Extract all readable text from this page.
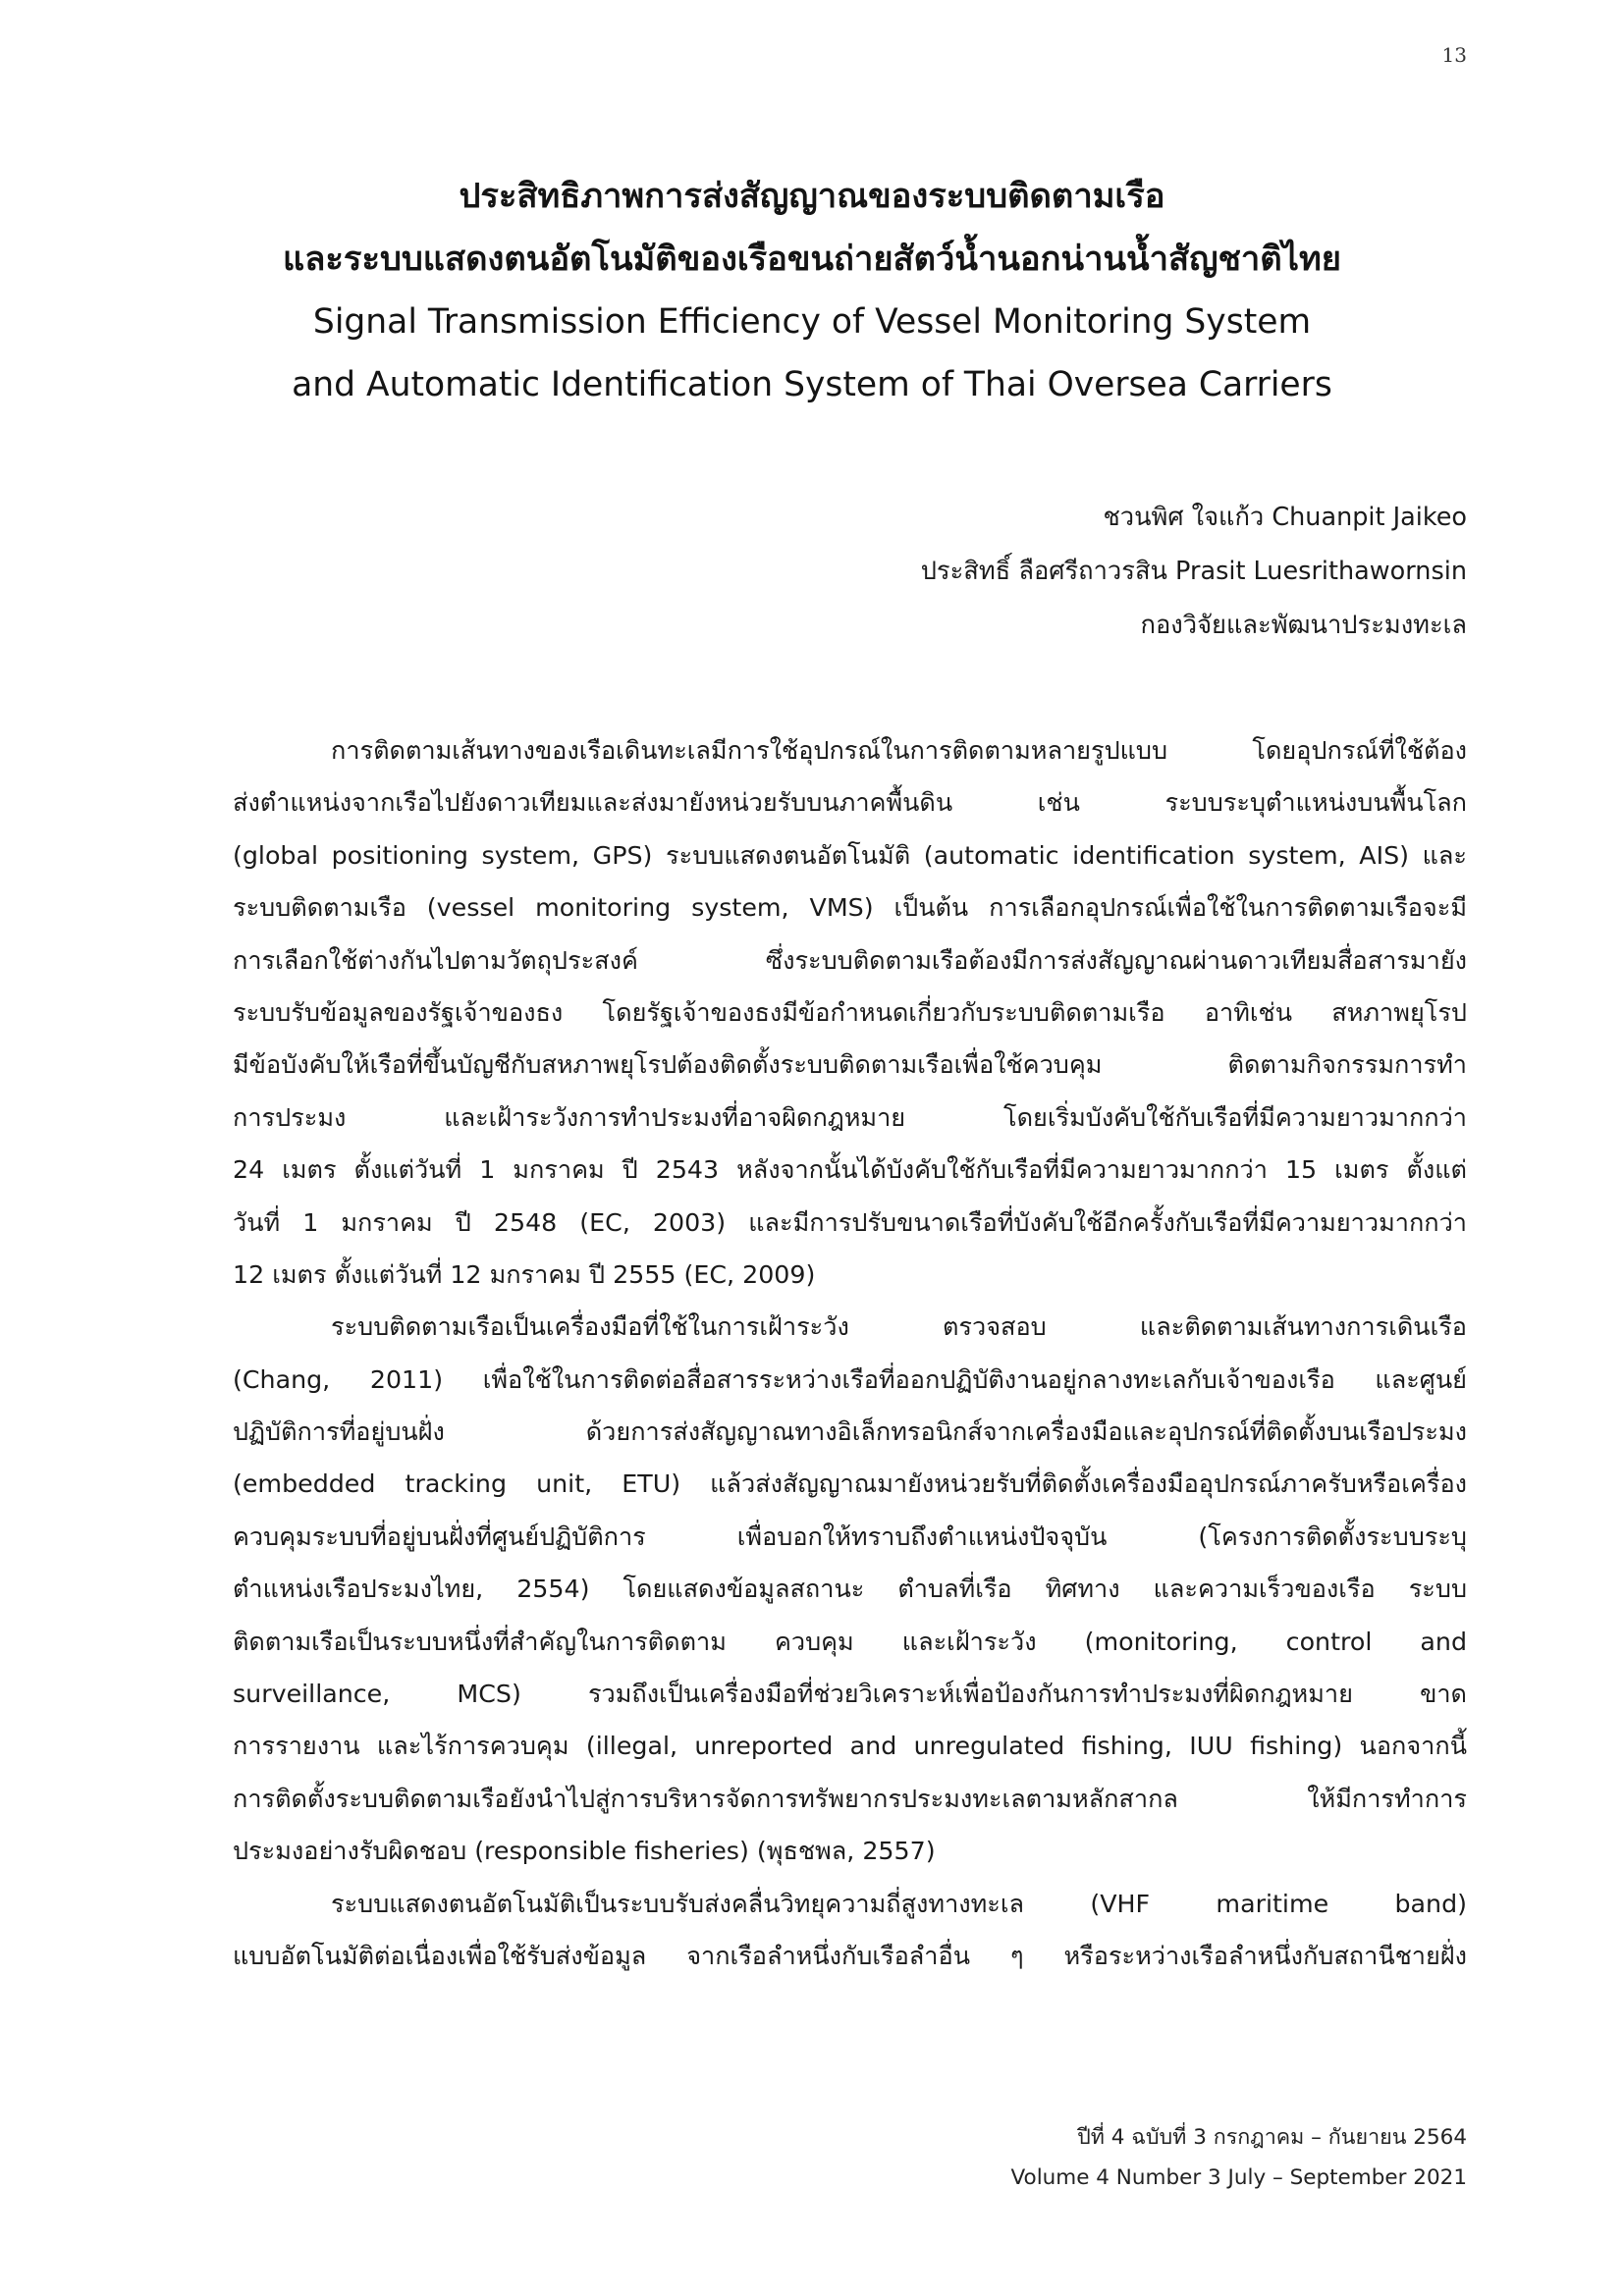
13
ประสิทธิภาพการส่งสัญญาณของระบบติดตามเรือ
และระบบแสดงตนอัตโนมัติของเรือขนถ่ายสัตว์น้ำนอกน่านน้ำสัญชาติไทย
Signal Transmission Efficiency of Vessel Monitoring System
and Automatic Identification System of Thai Oversea Carriers
ชวนพิศ ใจแก้ว Chuanpit Jaikeo
ประสิทธิ์ ลือศรีถาวรสิน Prasit Luesrithawornsin
กองวิจัยและพัฒนาประมงทะเล
การติดตามเส้นทางของเรือเดินทะเลมีการใช้อุปกรณ์ในการติดตามหลายรูปแบบ โดยอุปกรณ์ที่ใช้ต้อง
ส่งตำแหน่งจากเรือไปยังดาวเทียมและส่งมายังหน่วยรับบนภาคพื้นดิน เช่น ระบบระบุตำแหน่งบนพื้นโลก
(global positioning system, GPS) ระบบแสดงตนอัตโนมัติ (automatic identification system, AIS) และ
ระบบติดตามเรือ (vessel monitoring system, VMS) เป็นต้น การเลือกอุปกรณ์เพื่อใช้ในการติดตามเรือจะมี
การเลือกใช้ต่างกันไปตามวัตถุประสงค์ ซึ่งระบบติดตามเรือต้องมีการส่งสัญญาณผ่านดาวเทียมสื่อสารมายัง
ระบบรับข้อมูลของรัฐเจ้าของธง โดยรัฐเจ้าของธงมีข้อกำหนดเกี่ยวกับระบบติดตามเรือ อาทิเช่น สหภาพยุโรป
มีข้อบังคับให้เรือที่ขึ้นบัญชีกับสหภาพยุโรปต้องติดตั้งระบบติดตามเรือเพื่อใช้ควบคุม ติดตามกิจกรรมการทำ
การประมง และเฝ้าระวังการทำประมงที่อาจผิดกฎหมาย โดยเริ่มบังคับใช้กับเรือที่มีความยาวมากกว่า
24 เมตร ตั้งแต่วันที่ 1 มกราคม ปี 2543 หลังจากนั้นได้บังคับใช้กับเรือที่มีความยาวมากกว่า 15 เมตร ตั้งแต่
วันที่ 1 มกราคม ปี 2548 (EC, 2003) และมีการปรับขนาดเรือที่บังคับใช้อีกครั้งกับเรือที่มีความยาวมากกว่า
12 เมตร ตั้งแต่วันที่ 12 มกราคม ปี 2555 (EC, 2009)
ระบบติดตามเรือเป็นเครื่องมือที่ใช้ในการเฝ้าระวัง ตรวจสอบ และติดตามเส้นทางการเดินเรือ
(Chang, 2011) เพื่อใช้ในการติดต่อสื่อสารระหว่างเรือที่ออกปฏิบัติงานอยู่กลางทะเลกับเจ้าของเรือ และศูนย์
ปฏิบัติการที่อยู่บนฝั่ง ด้วยการส่งสัญญาณทางอิเล็กทรอนิกส์จากเครื่องมือและอุปกรณ์ที่ติดตั้งบนเรือประมง
(embedded tracking unit, ETU) แล้วส่งสัญญาณมายังหน่วยรับที่ติดตั้งเครื่องมืออุปกรณ์ภาครับหรือเครื่อง
ควบคุมระบบที่อยู่บนฝั่งที่ศูนย์ปฏิบัติการ เพื่อบอกให้ทราบถึงตำแหน่งปัจจุบัน (โครงการติดตั้งระบบระบุ
ตำแหน่งเรือประมงไทย, 2554) โดยแสดงข้อมูลสถานะ ตำบลที่เรือ ทิศทาง และความเร็วของเรือ ระบบ
ติดตามเรือเป็นระบบหนึ่งที่สำคัญในการติดตาม ควบคุม และเฝ้าระวัง (monitoring, control and
surveillance, MCS) รวมถึงเป็นเครื่องมือที่ช่วยวิเคราะห์เพื่อป้องกันการทำประมงที่ผิดกฎหมาย ขาด
การรายงาน และไร้การควบคุม (illegal, unreported and unregulated fishing, IUU fishing) นอกจากนี้
การติดตั้งระบบติดตามเรือยังนำไปสู่การบริหารจัดการทรัพยากรประมงทะเลตามหลักสากล ให้มีการทำการ
ประมงอย่างรับผิดชอบ (responsible fisheries) (พุธชพล, 2557)
ระบบแสดงตนอัตโนมัติเป็นระบบรับส่งคลื่นวิทยุความถี่สูงทางทะเล (VHF maritime band)
แบบอัตโนมัติต่อเนื่องเพื่อใช้รับส่งข้อมูล จากเรือลำหนึ่งกับเรือลำอื่น ๆ หรือระหว่างเรือลำหนึ่งกับสถานีชายฝั่ง
ปีที่ 4 ฉบับที่ 3 กรกฎาคม – กันยายน 2564
Volume 4 Number 3 July – September 2021
